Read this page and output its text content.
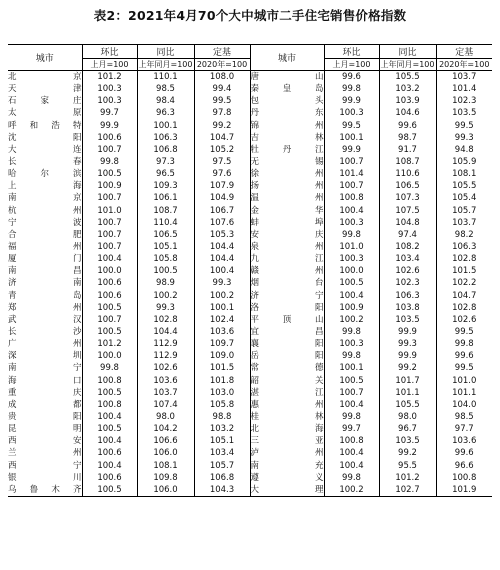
表2：2021年4月70个大中城市二手住宅销售价格指数
城市	环比	同比	定基	城市	环比	同比	定基
	上月=100	上年同月=100	2020年=100		上月=100	上年同月=100	2020年=100

北京	101.2	110.1	108.0	唐山	99.6	105.5	103.7

天津	100.3	98.5	99.4	秦皇岛	99.8	103.2	101.4

石家庄	100.3	98.4	99.5	包头	99.9	103.9	102.3

太原	99.7	96.3	97.8	丹东	100.3	104.6	103.5

呼和浩特	99.9	100.1	99.2	锦州	99.5	99.6	99.5

沈阳	100.6	106.3	104.7	吉林	100.1	98.7	99.3

大连	100.7	106.8	105.2	牡丹江	99.9	91.7	94.8

长春	99.8	97.3	97.5	无锡	100.7	108.7	105.9

哈尔滨	100.5	96.5	97.6	徐州	101.4	110.6	108.1

上海	100.9	109.3	107.9	扬州	100.7	106.5	105.5

南京	100.7	106.1	104.9	温州	100.8	107.3	105.4

杭州	101.0	108.7	106.7	金华	100.4	107.5	105.7

宁波	100.7	110.4	107.6	蚌埠	100.3	104.8	103.7

合肥	100.7	106.5	105.3	安庆	99.8	97.4	98.2

福州	100.7	105.1	104.4	泉州	101.0	108.2	106.3

厦门	100.4	105.8	104.4	九江	100.3	103.4	102.8

南昌	100.0	100.5	100.4	赣州	100.0	102.6	101.5

济南	100.6	98.9	99.3	烟台	100.5	102.3	102.2

青岛	100.6	100.2	100.2	济宁	100.4	106.3	104.7

郑州	100.5	99.3	100.1	洛阳	100.9	103.8	102.8

武汉	100.7	102.8	102.4	平顶山	100.2	103.5	102.6

长沙	100.5	104.4	103.6	宜昌	99.8	99.9	99.5

广州	101.2	112.9	109.7	襄阳	100.3	99.3	99.8

深圳	100.0	112.9	109.0	岳阳	99.8	99.9	99.6

南宁	99.8	102.6	101.5	常德	100.1	99.2	99.5

海口	100.8	103.6	101.8	韶关	100.5	101.7	101.0

重庆	100.5	103.7	103.0	湛江	100.7	101.1	101.1

成都	100.8	107.4	105.8	惠州	100.4	105.5	104.0

贵阳	100.4	98.0	98.8	桂林	99.8	98.0	98.5

昆明	100.5	104.2	103.2	北海	99.7	96.7	97.7

西安	100.4	106.6	105.1	三亚	100.8	103.5	103.6

兰州	100.6	106.0	103.4	泸州	100.4	99.2	99.6

西宁	100.4	108.1	105.7	南充	100.4	95.5	96.6

银川	100.6	109.8	106.8	遵义	99.8	101.2	100.8

乌鲁木齐	100.5	106.0	104.3	大理	100.2	102.7	101.9
